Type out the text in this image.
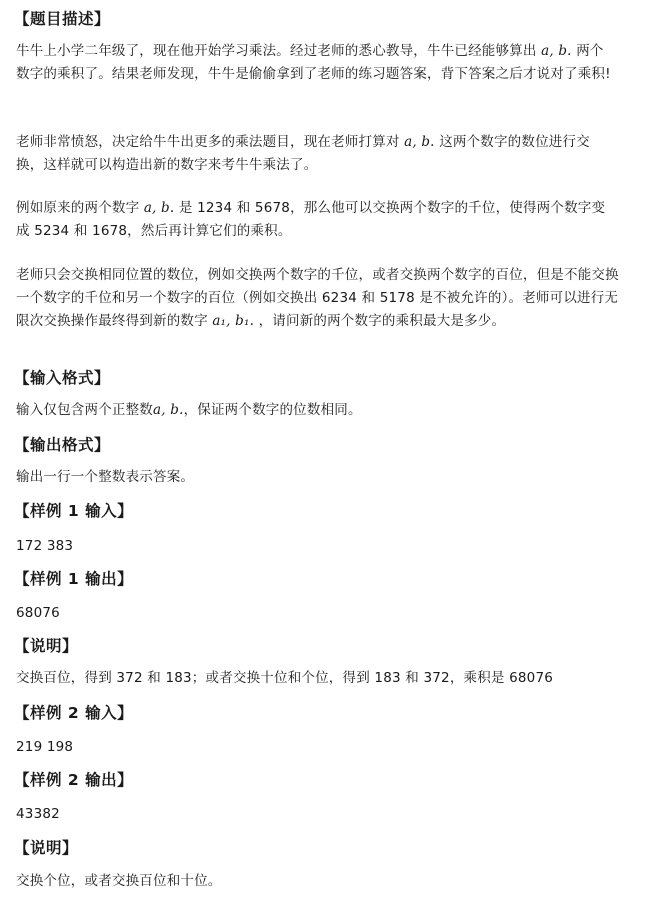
【题目描述】
牛牛上小学二年级了，现在他开始学习乘法。经过老师的悉心教导，牛牛已经能够算出 a, b. 两个数字的乘积了。结果老师发现，牛牛是偷偷拿到了老师的练习题答案，背下答案之后才说对了乘积!
老师非常愤怒，决定给牛牛出更多的乘法题目，现在老师打算对 a, b. 这两个数字的数位进行交换，这样就可以构造出新的数字来考牛牛乘法了。
例如原来的两个数字 a, b. 是 1234 和 5678，那么他可以交换两个数字的千位，使得两个数字变成 5234 和 1678，然后再计算它们的乘积。
老师只会交换相同位置的数位，例如交换两个数字的千位，或者交换两个数字的百位，但是不能交换一个数字的千位和另一个数字的百位（例如交换出 6234 和 5178 是不被允许的）。老师可以进行无限次交换操作最终得到新的数字 a₁, b₁. ，请问新的两个数字的乘积最大是多少。
【输入格式】
输入仅包含两个正整数a, b.，保证两个数字的位数相同。
【输出格式】
输出一行一个整数表示答案。
【样例 1 输入】
172 383
【样例 1 输出】
68076
【说明】
交换百位，得到 372 和 183；或者交换十位和个位，得到 183 和 372，乘积是 68076
【样例 2 输入】
219 198
【样例 2 输出】
43382
【说明】
交换个位，或者交换百位和十位。
